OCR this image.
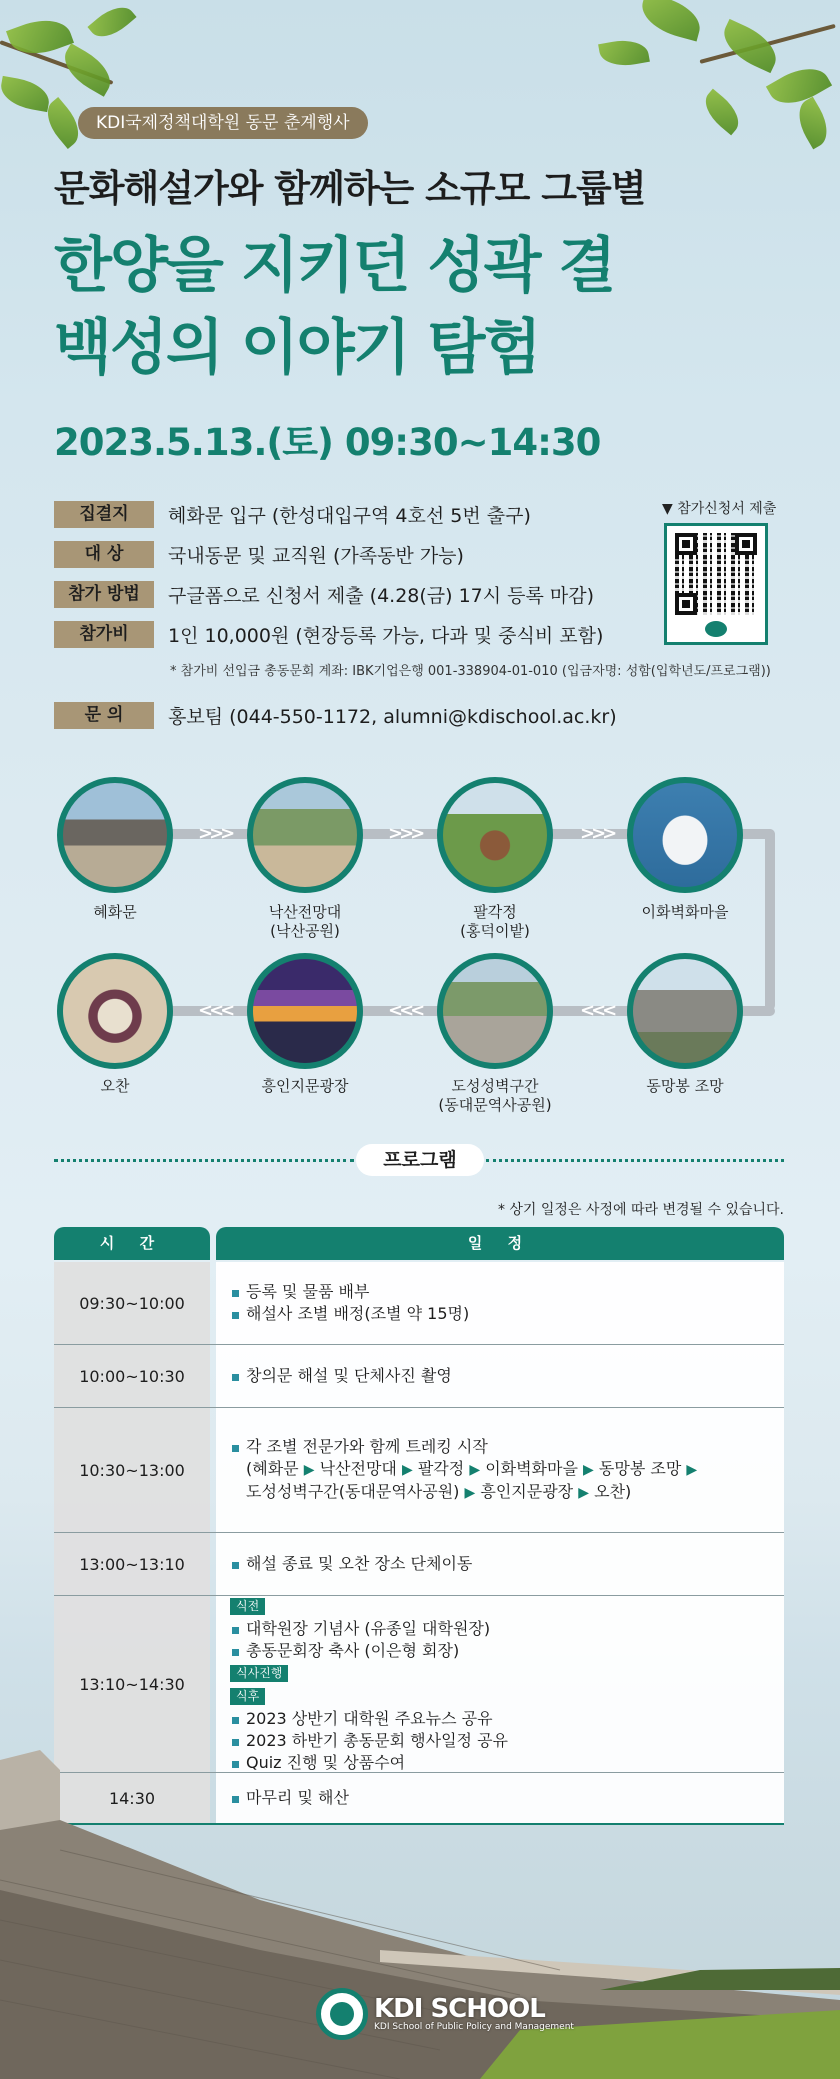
KDI국제정책대학원 동문 춘계행사
문화해설가와 함께하는 소규모 그룹별
한양을 지키던 성곽 결
백성의 이야기 탐험
2023.5.13.(토) 09:30~14:30
집결지	혜화문 입구 (한성대입구역 4호선 5번 출구)
대 상	국내동문 및 교직원 (가족동반 가능)
참가 방법	구글폼으로 신청서 제출 (4.28(금) 17시 등록 마감)
참가비	1인 10,000원 (현장등록 가능, 다과 및 중식비 포함)
* 참가비 선입금 총동문회 계좌: IBK기업은행 001-338904-01-010 (입금자명: 성함(입학년도/프로그램))
문 의	홍보팀 (044-550-1172, alumni@kdischool.ac.kr)
▼ 참가신청서 제출
>>>	>>>	>>>
<<<	<<<	<<<
혜화문	낙산전망대
(낙산공원)
팔각정
(홍덕이밭)
이화벽화마을
동망봉 조망
도성성벽구간
(동대문역사공원)
흥인지문광장
오찬
프로그램
* 상기 일정은 사정에 따라 변경될 수 있습니다.
시 간	일 정
09:30~10:00
등록 및 물품 배부
해설사 조별 배정(조별 약 15명)
10:00~10:30	창의문 해설 및 단체사진 촬영
10:30~13:00
각 조별 전문가와 함께 트레킹 시작
(혜화문 ▶ 낙산전망대 ▶ 팔각정 ▶ 이화벽화마을 ▶ 동망봉 조망 ▶
도성성벽구간(동대문역사공원) ▶ 흥인지문광장 ▶ 오찬)
13:00~13:10	해설 종료 및 오찬 장소 단체이동
13:10~14:30
식전
대학원장 기념사 (유종일 대학원장)
총동문회장 축사 (이은형 회장)
식사진행
식후
2023 상반기 대학원 주요뉴스 공유
2023 하반기 총동문회 행사일정 공유
Quiz 진행 및 상품수여
14:30	마무리 및 해산
KDI SCHOOL
KDI School of Public Policy and Management
